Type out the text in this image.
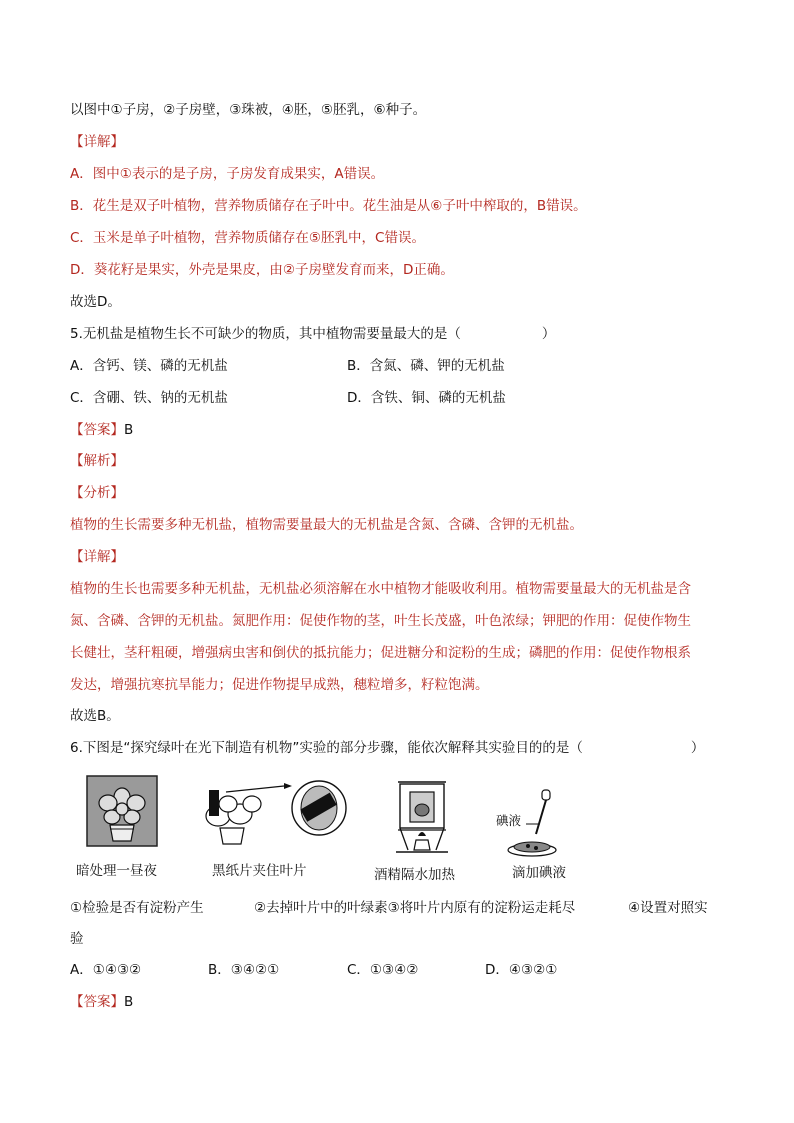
以图中①子房，②子房壁，③珠被，④胚，⑤胚乳，⑥种子。
【详解】
A．图中①表示的是子房，子房发育成果实，A错误。
B．花生是双子叶植物，营养物质储存在子叶中。花生油是从⑥子叶中榨取的，B错误。
C．玉米是单子叶植物，营养物质储存在⑤胚乳中，C错误。
D．葵花籽是果实，外壳是果皮，由②子房壁发育而来，D正确。
故选D。
5.无机盐是植物生长不可缺少的物质，其中植物需要量最大的是（　　　　　　）
A．含钙、镁、磷的无机盐	B．含氮、磷、钾的无机盐
C．含硼、铁、钠的无机盐	D．含铁、铜、磷的无机盐
【答案】B
【解析】
【分析】
植物的生长需要多种无机盐，植物需要量最大的无机盐是含氮、含磷、含钾的无机盐。
【详解】
植物的生长也需要多种无机盐，无机盐必须溶解在水中植物才能吸收利用。植物需要量最大的无机盐是含
氮、含磷、含钾的无机盐。氮肥作用：促使作物的茎，叶生长茂盛，叶色浓绿；钾肥的作用：促使作物生
长健壮，茎秆粗硬，增强病虫害和倒伏的抵抗能力；促进糖分和淀粉的生成；磷肥的作用：促使作物根系
发达，增强抗寒抗旱能力；促进作物提早成熟，穗粒增多，籽粒饱满。
故选B。
6.下图是“探究绿叶在光下制造有机物”实验的部分步骤，能依次解释其实验目的的是（　　　　　　　　）
暗处理一昼夜	黑纸片夹住叶片	酒精隔水加热
碘液
滴加碘液
①检验是否有淀粉产生	②去掉叶片中的叶绿素③将叶片内原有的淀粉运走耗尽	④设置对照实
验
A．①④③②	B．③④②①	C．①③④②	D．④③②①
【答案】B
